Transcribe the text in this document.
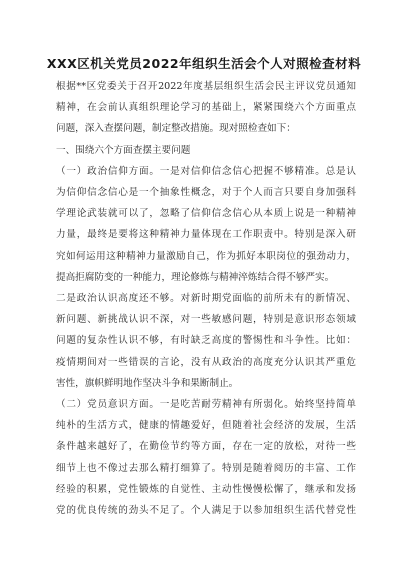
XXX区机关党员2022年组织生活会个人对照检查材料
根据**区党委关于召开2022年度基层组织生活会民主评议党员通知
精神，在会前认真组织理论学习的基础上，紧紧围绕六个方面重点
问题，深入查摆问题，制定整改措施。现对照检查如下：
一、围绕六个方面查摆主要问题
（一）政治信仰方面。一是对信仰信念信心把握不够精准。总是认
为信仰信念信心是一个抽象性概念，对于个人而言只要自身加强科
学理论武装就可以了，忽略了信仰信念信心从本质上说是一种精神
力量，最终是要将这种精神力量体现在工作职责中。特别是深入研
究如何运用这种精神力量激励自己，作为抓好本职岗位的强劲动力，
提高拒腐防变的一种能力，理论修炼与精神淬炼结合得不够严实。
二是政治认识高度还不够。对新时期党面临的前所未有的新情况、
新问题、新挑战认识不深，对一些敏感问题，特别是意识形态领域
问题的复杂性认识不够，有时缺乏高度的警惕性和斗争性。比如：
疫情期间对一些错误的言论，没有从政治的高度充分认识其严重危
害性，旗帜鲜明地作坚决斗争和果断制止。
（二）党员意识方面。一是吃苦耐劳精神有所弱化。始终坚持简单
纯朴的生活方式，健康的情趣爱好，但随着社会经济的发展，生活
条件越来越好了，在勤俭节约等方面，存在一定的放松，对待一些
细节上也不像过去那么精打细算了。特别是随着阅历的丰富、工作
经验的积累，党性锻炼的自觉性、主动性慢慢松懈了，继承和发扬
党的优良传统的劲头不足了。个人满足于以参加组织生活代替党性
